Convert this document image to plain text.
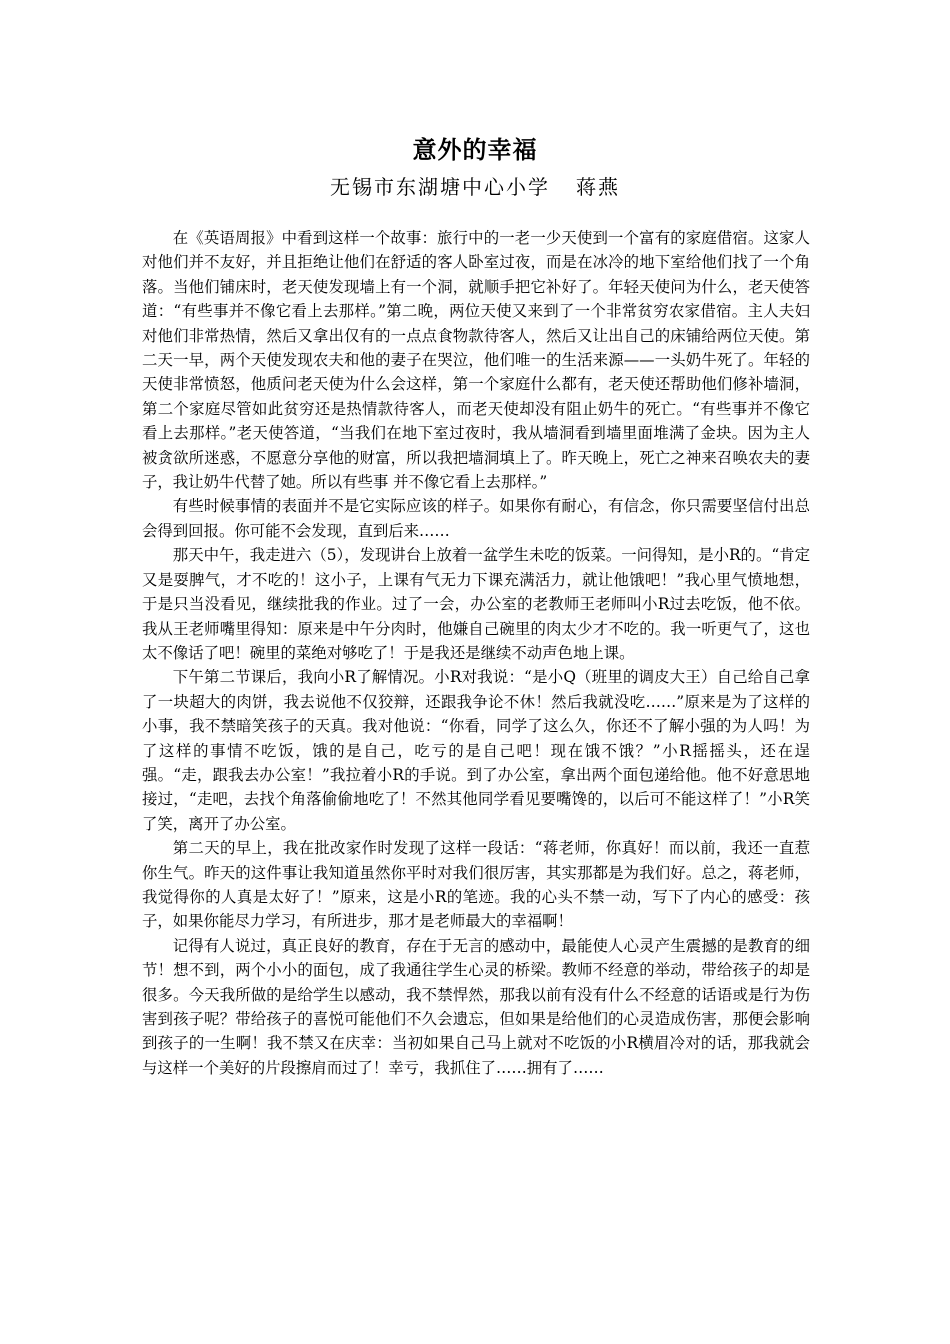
意外的幸福
无锡市东湖塘中心小学 蒋燕

在《英语周报》中看到这样一个故事：旅行中的一老一少天使到一个富有的家庭借宿。这家人对他们并不友好，并且拒绝让他们在舒适的客人卧室过夜，而是在冰冷的地下室给他们找了一个角落。当他们铺床时，老天使发现墙上有一个洞，就顺手把它补好了。年轻天使问为什么，老天使答道：“有些事并不像它看上去那样。”第二晚，两位天使又来到了一个非常贫穷农家借宿。主人夫妇对他们非常热情，然后又拿出仅有的一点点食物款待客人，然后又让出自己的床铺给两位天使。第二天一早，两个天使发现农夫和他的妻子在哭泣，他们唯一的生活来源——一头奶牛死了。年轻的天使非常愤怒，他质问老天使为什么会这样，第一个家庭什么都有，老天使还帮助他们修补墙洞，第二个家庭尽管如此贫穷还是热情款待客人，而老天使却没有阻止奶牛的死亡。“有些事并不像它看上去那样。”老天使答道，“当我们在地下室过夜时，我从墙洞看到墙里面堆满了金块。因为主人被贪欲所迷惑，不愿意分享他的财富，所以我把墙洞填上了。昨天晚上，死亡之神来召唤农夫的妻子，我让奶牛代替了她。所以有些事 并不像它看上去那样。”

有些时候事情的表面并不是它实际应该的样子。如果你有耐心，有信念，你只需要坚信付出总会得到回报。你可能不会发现，直到后来……

那天中午，我走进六（5），发现讲台上放着一盆学生未吃的饭菜。一问得知，是小R的。“肯定又是耍脾气，才不吃的！这小子，上课有气无力下课充满活力，就让他饿吧！”我心里气愤地想，于是只当没看见，继续批我的作业。过了一会，办公室的老教师王老师叫小R过去吃饭，他不依。我从王老师嘴里得知：原来是中午分肉时，他嫌自己碗里的肉太少才不吃的。我一听更气了，这也太不像话了吧！碗里的菜绝对够吃了！于是我还是继续不动声色地上课。

下午第二节课后，我向小R了解情况。小R对我说：“是小Q（班里的调皮大王）自己给自己拿了一块超大的肉饼，我去说他不仅狡辩，还跟我争论不休！然后我就没吃……”原来是为了这样的小事，我不禁暗笑孩子的天真。我对他说：“你看，同学了这么久，你还不了解小强的为人吗！为了这样的事情不吃饭，饿的是自己，吃亏的是自己吧！现在饿不饿？”小R摇摇头，还在逞强。“走，跟我去办公室！”我拉着小R的手说。到了办公室，拿出两个面包递给他。他不好意思地接过，“走吧，去找个角落偷偷地吃了！不然其他同学看见要嘴馋的，以后可不能这样了！”小R笑了笑，离开了办公室。

第二天的早上，我在批改家作时发现了这样一段话：“蒋老师，你真好！而以前，我还一直惹你生气。昨天的这件事让我知道虽然你平时对我们很厉害，其实那都是为我们好。总之，蒋老师，我觉得你的人真是太好了！”原来，这是小R的笔迹。我的心头不禁一动，写下了内心的感受：孩子，如果你能尽力学习，有所进步，那才是老师最大的幸福啊！

记得有人说过，真正良好的教育，存在于无言的感动中，最能使人心灵产生震撼的是教育的细节！想不到，两个小小的面包，成了我通往学生心灵的桥梁。教师不经意的举动，带给孩子的却是很多。今天我所做的是给学生以感动，我不禁悍然，那我以前有没有什么不经意的话语或是行为伤害到孩子呢？带给孩子的喜悦可能他们不久会遗忘，但如果是给他们的心灵造成伤害，那便会影响到孩子的一生啊！我不禁又在庆幸：当初如果自己马上就对不吃饭的小R横眉冷对的话，那我就会与这样一个美好的片段擦肩而过了！幸亏，我抓住了……拥有了……
